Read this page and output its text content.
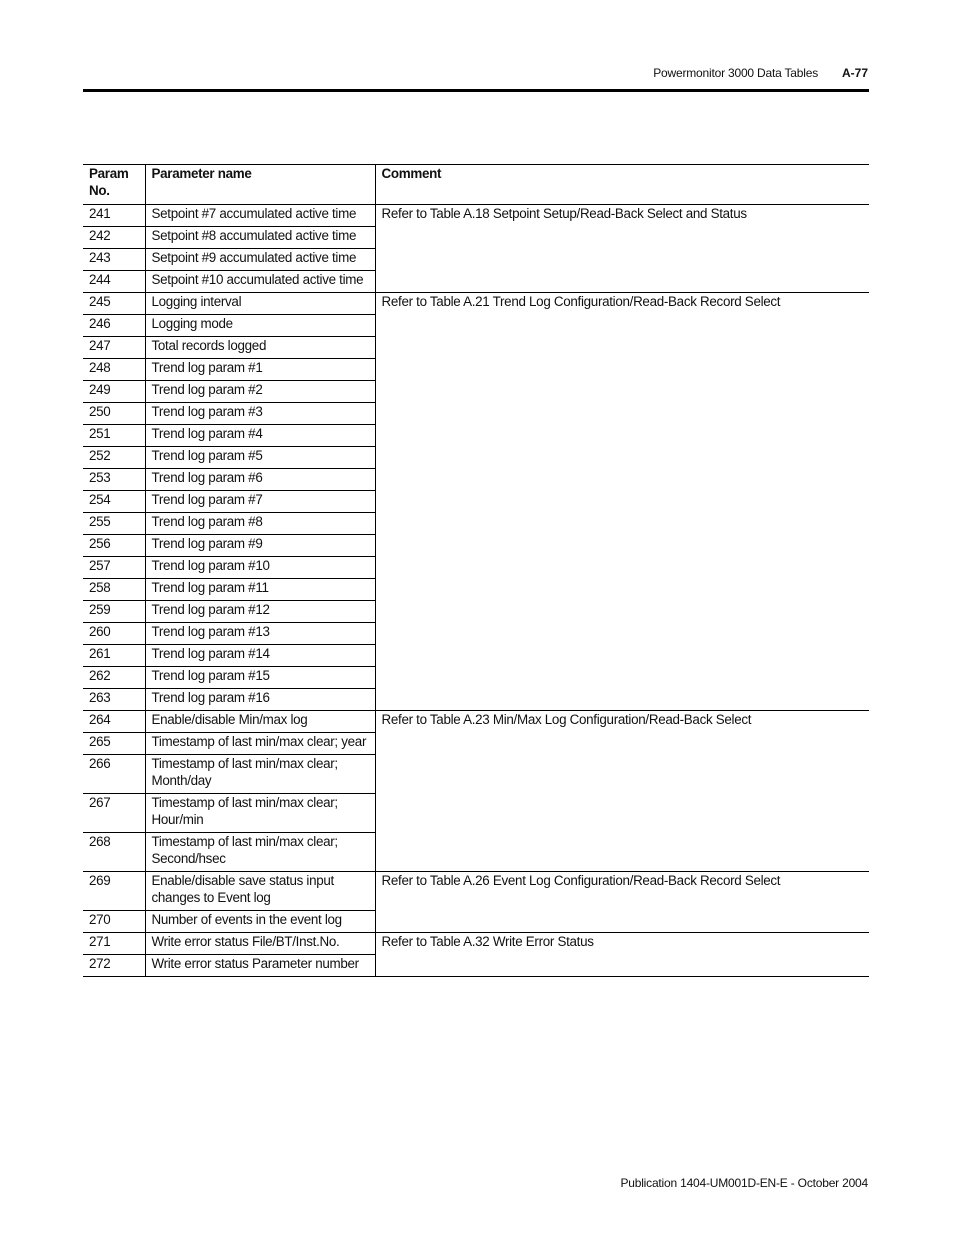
Powermonitor 3000 Data Tables A-77
Param No.	Parameter name	Comment
241	Setpoint #7 accumulated active time	Refer to Table A.18 Setpoint Setup/Read-Back Select and Status
242	Setpoint #8 accumulated active time	
243	Setpoint #9 accumulated active time	
244	Setpoint #10 accumulated active time	
245	Logging interval	Refer to Table A.21 Trend Log Configuration/Read-Back Record Select
246	Logging mode	
247	Total records logged	
248	Trend log param #1	
249	Trend log param #2	
250	Trend log param #3	
251	Trend log param #4	
252	Trend log param #5	
253	Trend log param #6	
254	Trend log param #7	
255	Trend log param #8	
256	Trend log param #9	
257	Trend log param #10	
258	Trend log param #11	
259	Trend log param #12	
260	Trend log param #13	
261	Trend log param #14	
262	Trend log param #15	
263	Trend log param #16	
264	Enable/disable Min/max log	Refer to Table A.23 Min/Max Log Configuration/Read-Back Select
265	Timestamp of last min/max clear; year	
266	Timestamp of last min/max clear; Month/day	
267	Timestamp of last min/max clear; Hour/min	
268	Timestamp of last min/max clear; Second/hsec	
269	Enable/disable save status input changes to Event log	Refer to Table A.26 Event Log Configuration/Read-Back Record Select
270	Number of events in the event log	
271	Write error status File/BT/Inst.No.	Refer to Table A.32 Write Error Status
272	Write error status Parameter number	
Publication 1404-UM001D-EN-E - October 2004
